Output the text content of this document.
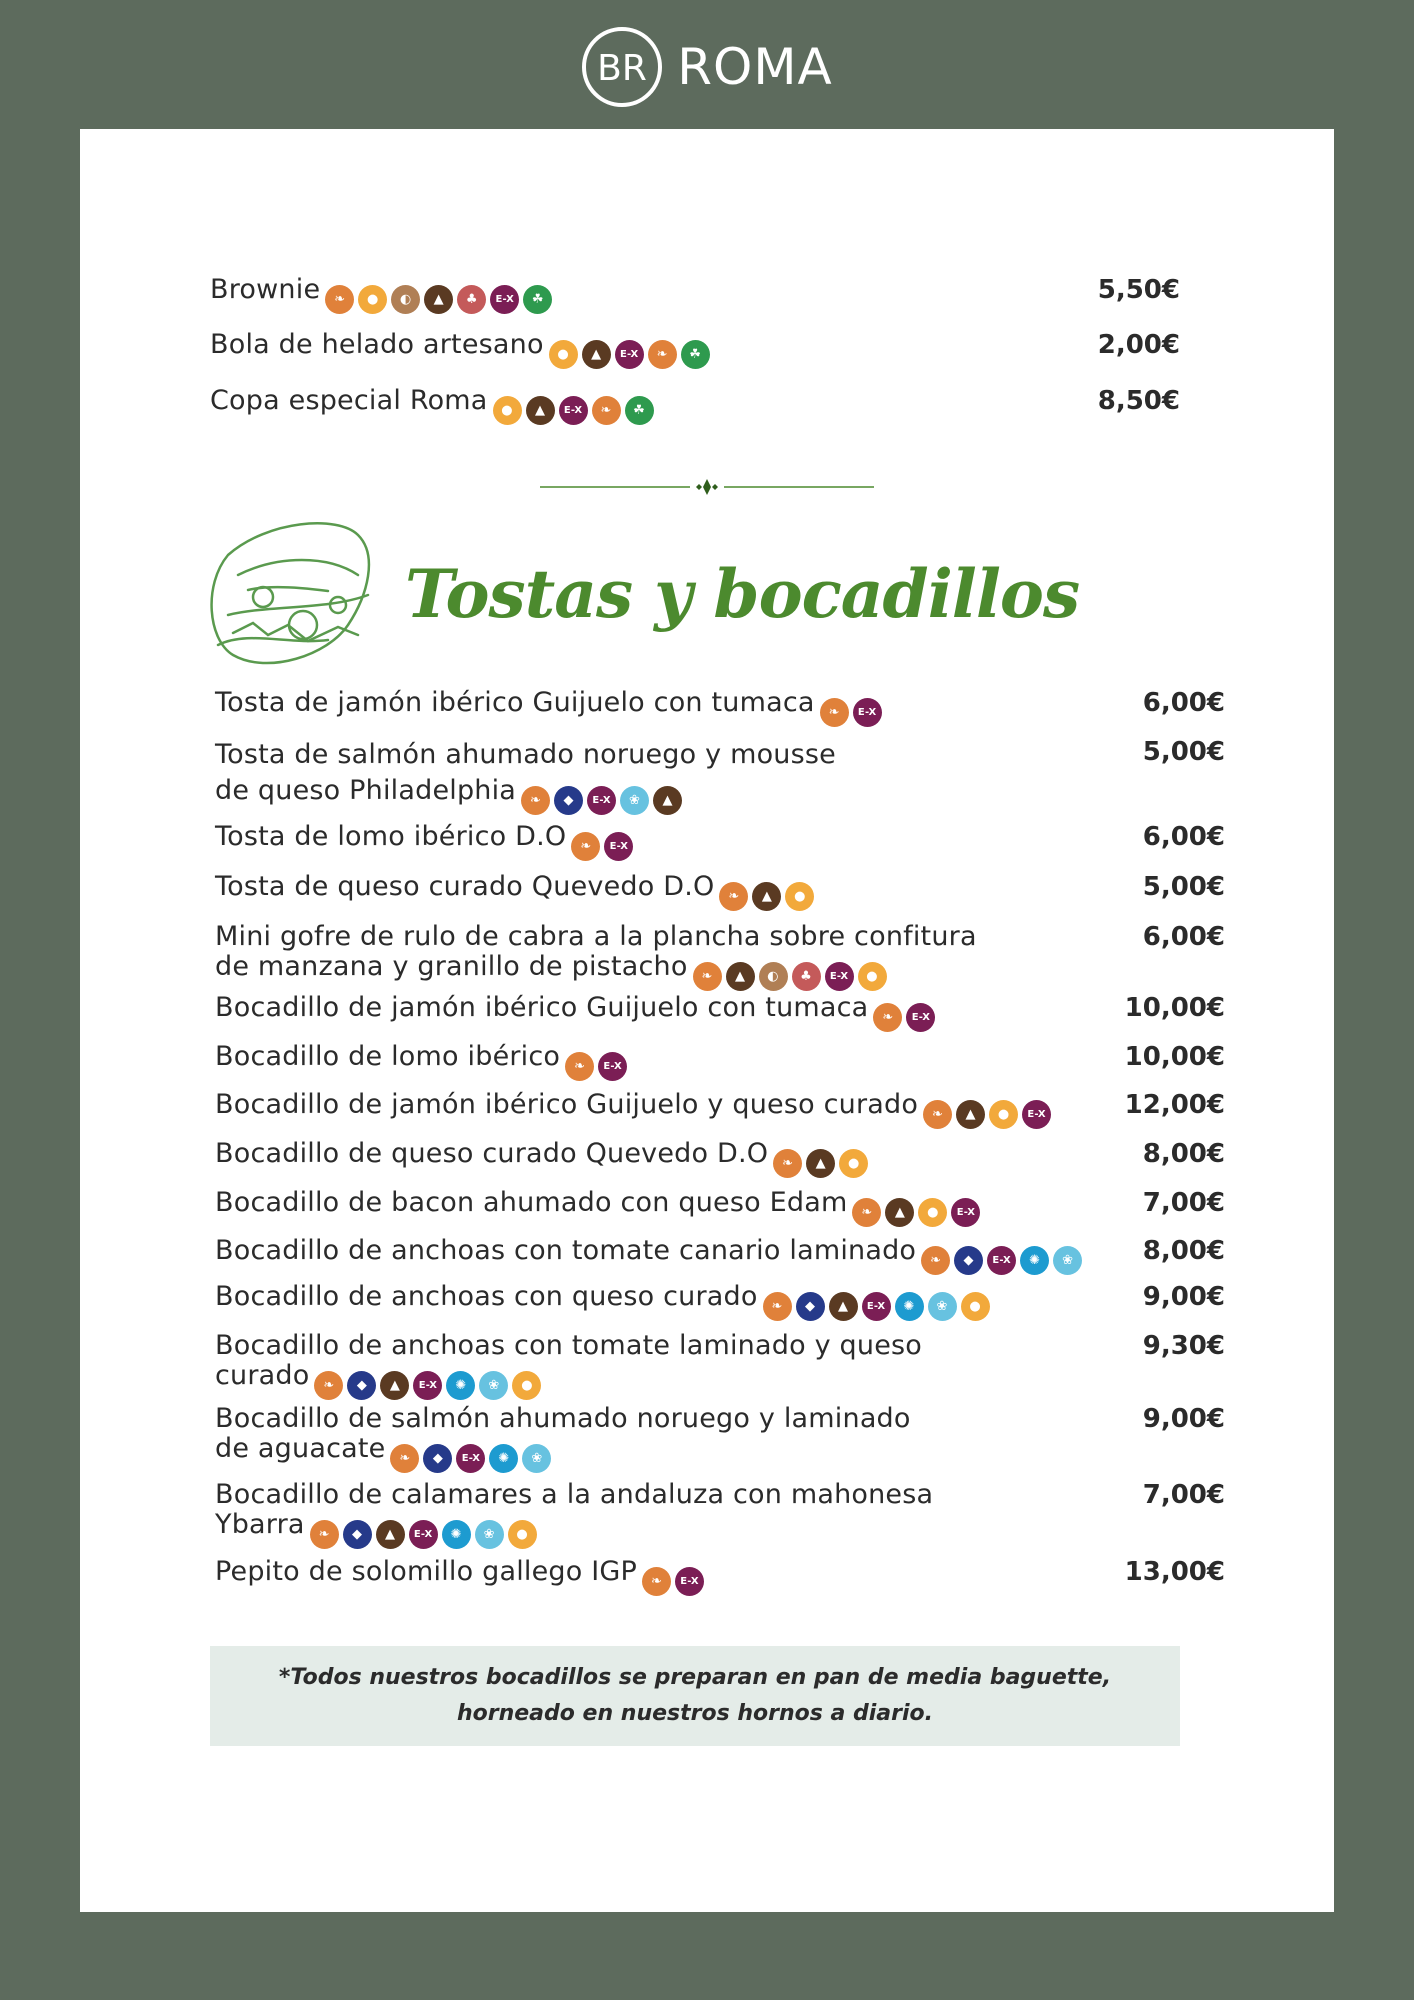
BR ROMA
Brownie	❧	●	◐	▲	♣	E-X	☘	5,50€
Bola de helado artesano	●	▲	E-X	❧	☘	2,00€
Copa especial Roma	●	▲	E-X	❧	☘	8,50€
Tostas y bocadillos
Tosta de jamón ibérico Guijuelo con tumaca	❧	E-X	6,00€
Tosta de salmón ahumado noruego y mousse
de queso Philadelphia	❧	◆	E-X	❀	▲
5,00€
Tosta de lomo ibérico D.O	❧	E-X	6,00€
Tosta de queso curado Quevedo D.O	❧	▲	●	5,00€
Mini gofre de rulo de cabra a la plancha sobre confitura
de manzana y granillo de pistacho	❧	▲	◐	♣	E-X	●
6,00€
Bocadillo de jamón ibérico Guijuelo con tumaca	❧	E-X	10,00€
Bocadillo de lomo ibérico	❧	E-X	10,00€
Bocadillo de jamón ibérico Guijuelo y queso curado	❧	▲	●	E-X	12,00€
Bocadillo de queso curado Quevedo D.O	❧	▲	●	8,00€
Bocadillo de bacon ahumado con queso Edam	❧	▲	●	E-X	7,00€
Bocadillo de anchoas con tomate canario laminado	❧	◆	E-X	✺	❀	8,00€
Bocadillo de anchoas con queso curado	❧	◆	▲	E-X	✺	❀	●	9,00€
Bocadillo de anchoas con tomate laminado y queso
curado	❧	◆	▲	E-X	✺	❀	●
9,30€
Bocadillo de salmón ahumado noruego y laminado
de aguacate	❧	◆	E-X	✺	❀
9,00€
Bocadillo de calamares a la andaluza con mahonesa
Ybarra	❧	◆	▲	E-X	✺	❀	●
7,00€
Pepito de solomillo gallego IGP	❧	E-X	13,00€
*Todos nuestros bocadillos se preparan en pan de media baguette,
horneado en nuestros hornos a diario.
